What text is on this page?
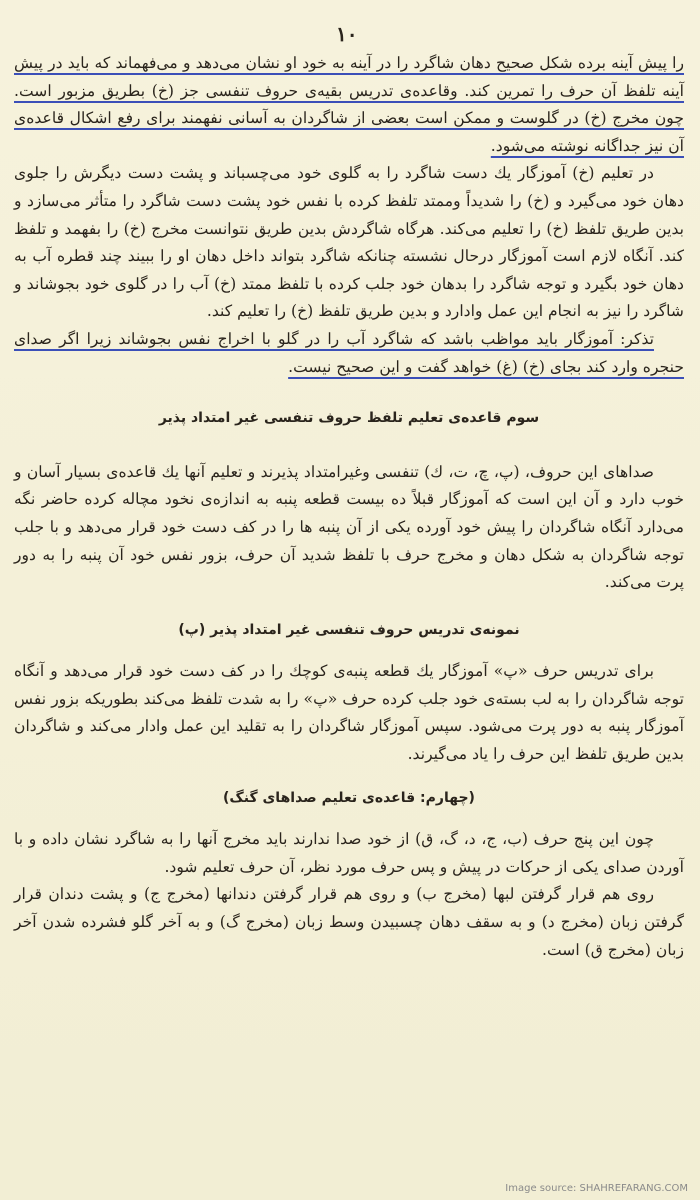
١٠

را پیش آینه برده شکل صحیح دهان شاگرد را در آینه به خود او نشان می‌دهد و می‌فهماند که باید در پیش آینه تلفظ آن حرف را تمرین کند. وقاعده‌ی تدریس بقیه‌ی حروف تنفسی جز (خ) بطریق مزبور است. چون مخرج (خ) در گلوست و ممکن است بعضی از شاگردان به آسانی نفهمند برای رفع اشکال قاعده‌ی آن نیز جداگانه نوشته می‌شود.

در تعلیم (خ) آموزگار یك دست شاگرد را به گلوی خود می‌چسباند و پشت دست دیگرش را جلوی دهان خود می‌گیرد و (خ) را شدیداً وممتد تلفظ کرده با نفس خود پشت دست شاگرد را متأثر می‌سازد و بدین طریق تلفظ (خ) را تعلیم می‌کند. هرگاه شاگردش بدین طریق نتوانست مخرج (خ) را بفهمد و تلفظ کند. آنگاه لازم است آموزگار درحال نشسته چنانکه شاگرد بتواند داخل دهان او را ببیند چند قطره آب به دهان خود بگیرد و توجه شاگرد را بدهان خود جلب کرده با تلفظ ممتد (خ) آب را در گلوی خود بجوشاند و شاگرد را نیز به انجام این عمل وادارد و بدین طریق تلفظ (خ) را تعلیم کند.

تذکر: آموزگار باید مواظب باشد که شاگرد آب را در گلو با اخراج نفس بجوشاند زیرا اگر صدای حنجره وارد کند بجای (خ) (غ) خواهد گفت و این صحیح نیست.

سوم قاعده‌ی تعلیم تلفظ حروف تنفسی غیر امتداد پذیر

صداهای این حروف، (پ، چ، ت، ك) تنفسی وغیرامتداد پذیرند و تعلیم آنها یك قاعده‌ی بسیار آسان و خوب دارد و آن این است که آموزگار قبلاً ده بیست قطعه پنبه به اندازه‌ی نخود مچاله کرده حاضر نگه می‌دارد آنگاه شاگردان را پیش خود آورده یکی از آن پنبه ها را در کف دست خود قرار می‌دهد و با جلب توجه شاگردان به شکل دهان و مخرج حرف با تلفظ شدید آن حرف، بزور نفس خود آن پنبه را به دور پرت می‌کند.

نمونه‌ی تدریس حروف تنفسی غیر امتداد پذیر (پ)

برای تدریس حرف «پ» آموزگار یك قطعه پنبه‌ی کوچك را در کف دست خود قرار می‌دهد و آنگاه توجه شاگردان را به لب بسته‌ی خود جلب کرده حرف «پ» را به شدت تلفظ می‌کند بطوریکه بزور نفس آموزگار پنبه به دور پرت می‌شود. سپس آموزگار شاگردان را به تقلید این عمل وادار می‌کند و شاگردان بدین طریق تلفظ این حرف را یاد می‌گیرند.

(چهارم: قاعده‌ی تعلیم صداهای گنگ)

چون این پنج حرف (ب، ج، د، گ، ق) از خود صدا ندارند باید مخرج آنها را به شاگرد نشان داده و با آوردن صدای یکی از حرکات در پیش و پس حرف مورد نظر، آن حرف تعلیم شود.

روی هم قرار گرفتن لبها (مخرج ب) و روی هم قرار گرفتن دندانها (مخرج ج) و پشت دندان قرار گرفتن زبان (مخرج د) و به سقف دهان چسبیدن وسط زبان (مخرج گ) و به آخر گلو فشرده شدن آخر زبان (مخرج ق) است.

Image source: SHAHREFARANG.COM
